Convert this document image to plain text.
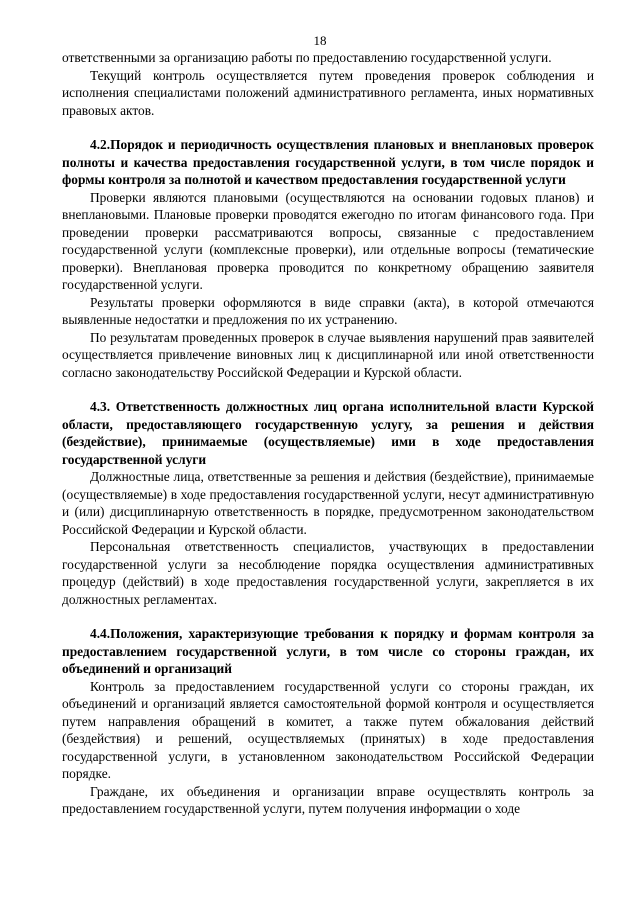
18

ответственными за организацию работы по предоставлению государственной услуги.

Текущий контроль осуществляется путем проведения проверок соблюдения и исполнения специалистами положений административного регламента, иных нормативных правовых актов.

4.2.Порядок и периодичность осуществления плановых и внеплановых проверок полноты и качества предоставления государственной услуги, в том числе порядок и формы контроля за полнотой и качеством предоставления государственной услуги

Проверки являются плановыми (осуществляются на основании годовых планов) и внеплановыми. Плановые проверки проводятся ежегодно по итогам финансового года. При проведении проверки рассматриваются вопросы, связанные с предоставлением государственной услуги (комплексные проверки), или отдельные вопросы (тематические проверки). Внеплановая проверка проводится по конкретному обращению заявителя государственной услуги.

Результаты проверки оформляются в виде справки (акта), в которой отмечаются выявленные недостатки и предложения по их устранению.

По результатам проведенных проверок в случае выявления нарушений прав заявителей осуществляется привлечение виновных лиц к дисциплинарной или иной ответственности согласно законодательству Российской Федерации и Курской области.

4.3. Ответственность должностных лиц органа исполнительной власти Курской области, предоставляющего государственную услугу, за решения и действия (бездействие), принимаемые (осуществляемые) ими в ходе предоставления государственной услуги

Должностные лица, ответственные за решения и действия (бездействие), принимаемые (осуществляемые) в ходе предоставления государственной услуги, несут административную и (или) дисциплинарную ответственность в порядке, предусмотренном законодательством Российской Федерации и Курской области.

Персональная ответственность специалистов, участвующих в предоставлении государственной услуги за несоблюдение порядка осуществления административных процедур (действий) в ходе предоставления государственной услуги, закрепляется в их должностных регламентах.

4.4.Положения, характеризующие требования к порядку и формам контроля за предоставлением государственной услуги, в том числе со стороны граждан, их объединений и организаций

Контроль за предоставлением государственной услуги со стороны граждан, их объединений и организаций является самостоятельной формой контроля и осуществляется путем направления обращений в комитет, а также путем обжалования действий (бездействия) и решений, осуществляемых (принятых) в ходе предоставления государственной услуги, в установленном законодательством Российской Федерации порядке.

Граждане, их объединения и организации вправе осуществлять контроль за предоставлением государственной услуги, путем получения информации о ходе
